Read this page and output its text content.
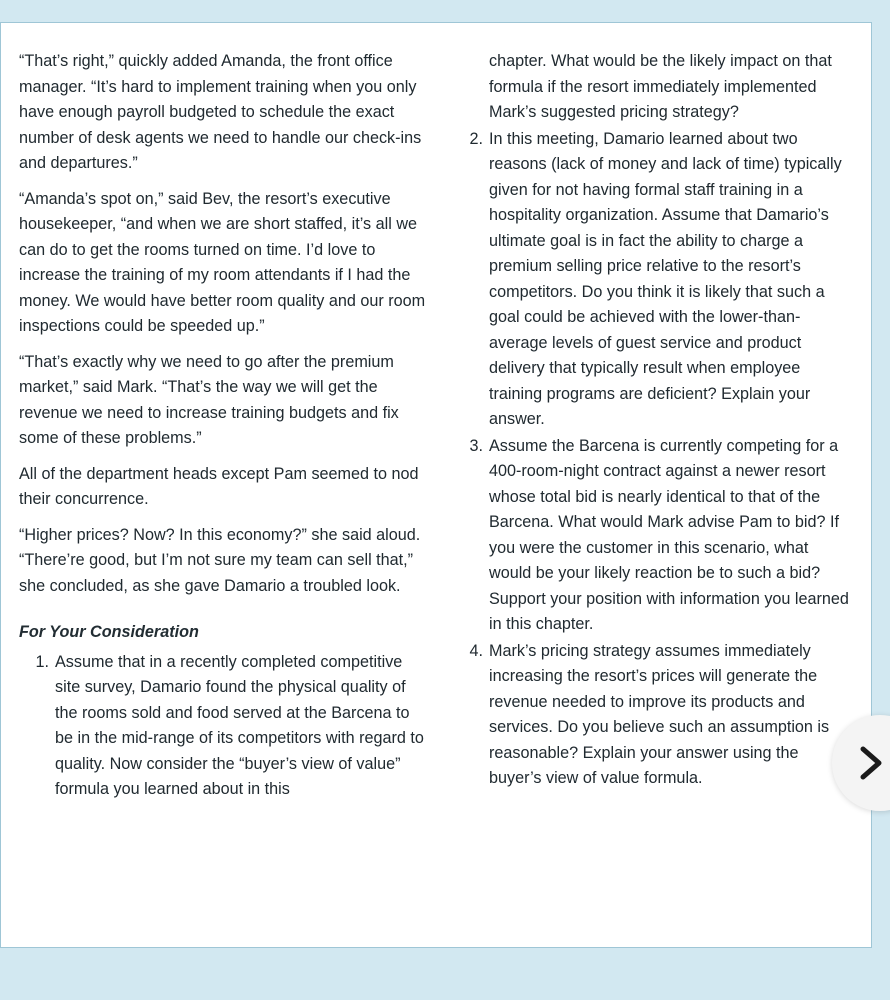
“That’s right,” quickly added Amanda, the front office manager. “It’s hard to implement training when you only have enough payroll budgeted to schedule the exact number of desk agents we need to handle our check-ins and departures.”

“Amanda’s spot on,” said Bev, the resort’s executive housekeeper, “and when we are short staffed, it’s all we can do to get the rooms turned on time. I’d love to increase the training of my room attendants if I had the money. We would have better room quality and our room inspections could be speeded up.”

“That’s exactly why we need to go after the premium market,” said Mark. “That’s the way we will get the revenue we need to increase training budgets and fix some of these problems.”

All of the department heads except Pam seemed to nod their concurrence.

“Higher prices? Now? In this economy?” she said aloud. “There’re good, but I’m not sure my team can sell that,” she concluded, as she gave Damario a troubled look.

For Your Consideration
1. Assume that in a recently completed competitive site survey, Damario found the physical quality of the rooms sold and food served at the Barcena to be in the mid-range of its competitors with regard to quality. Now consider the “buyer’s view of value” formula you learned about in this
chapter. What would be the likely impact on that formula if the resort immediately implemented Mark’s suggested pricing strategy?
2. In this meeting, Damario learned about two reasons (lack of money and lack of time) typically given for not having formal staff training in a hospitality organization. Assume that Damario’s ultimate goal is in fact the ability to charge a premium selling price relative to the resort’s competitors. Do you think it is likely that such a goal could be achieved with the lower-than-average levels of guest service and product delivery that typically result when employee training programs are deficient? Explain your answer.
3. Assume the Barcena is currently competing for a 400-room-night contract against a newer resort whose total bid is nearly identical to that of the Barcena. What would Mark advise Pam to bid? If you were the customer in this scenario, what would be your likely reaction be to such a bid? Support your position with information you learned in this chapter.
4. Mark’s pricing strategy assumes immediately increasing the resort’s prices will generate the revenue needed to improve its products and services. Do you believe such an assumption is reasonable? Explain your answer using the buyer’s view of value formula.
